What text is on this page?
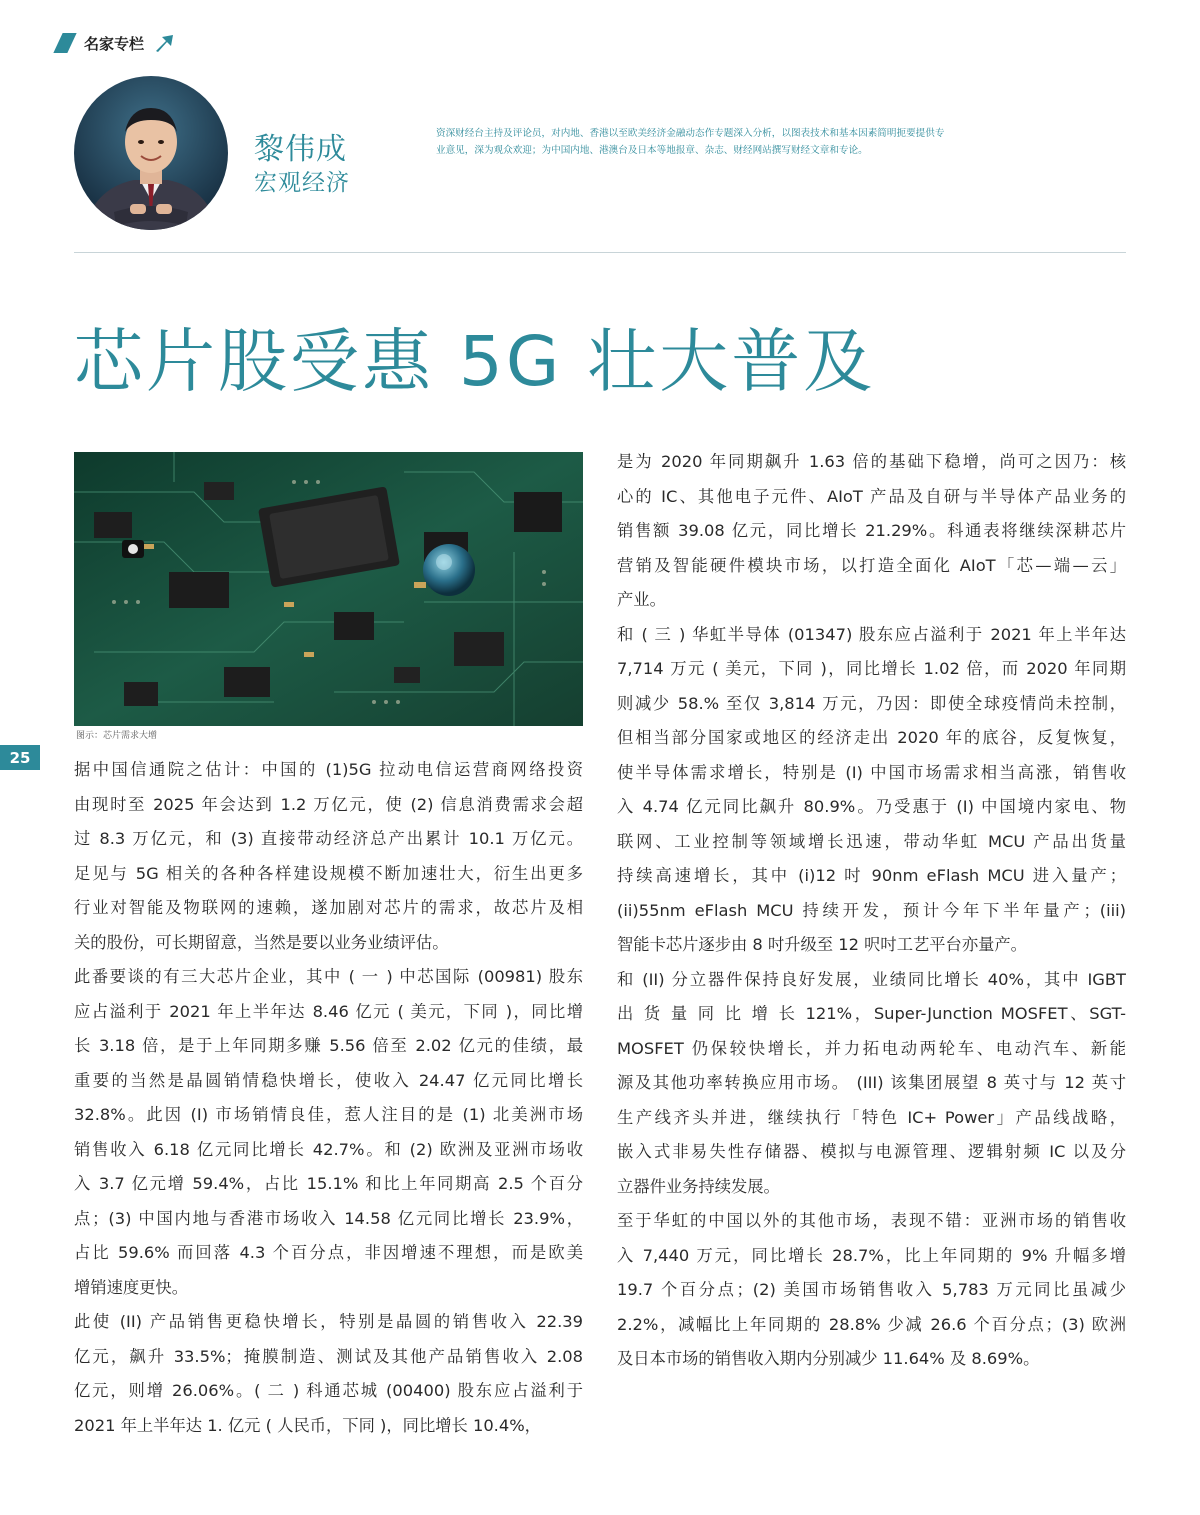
名家专栏
黎伟成
宏观经济
资深财经台主持及评论员，对内地、香港以至欧美经济金融动态作专题深入分析，以图表技术和基本因素简明扼要提供专
业意见，深为观众欢迎；为中国内地、港澳台及日本等地报章、杂志、财经网站撰写财经文章和专论。
芯片股受惠 5G 壮大普及
图示：芯片需求大增
25

据中国信通院之估计：中国的 (1)5G 拉动电信运营商网络投资

由现时至 2025 年会达到 1.2 万亿元，使 (2) 信息消费需求会超

过 8.3 万亿元，和 (3) 直接带动经济总产出累计 10.1 万亿元。

足见与 5G 相关的各种各样建设规模不断加速壮大，衍生出更多

行业对智能及物联网的速赖，遂加剧对芯片的需求，故芯片及相

关的股份，可长期留意，当然是要以业务业绩评估。

此番要谈的有三大芯片企业，其中 ( 一 ) 中芯国际 (00981) 股东

应占溢利于 2021 年上半年达 8.46 亿元 ( 美元，下同 )，同比增

长 3.18 倍，是于上年同期多赚 5.56 倍至 2.02 亿元的佳绩，最

重要的当然是晶圆销情稳快增长，使收入 24.47 亿元同比增长

32.8%。此因 (I) 市场销情良佳，惹人注目的是 (1) 北美洲市场

销售收入 6.18 亿元同比增长 42.7%。和 (2) 欧洲及亚洲市场收

入 3.7 亿元增 59.4%，占比 15.1% 和比上年同期高 2.5 个百分

点；(3) 中国内地与香港市场收入 14.58 亿元同比增长 23.9%，

占比 59.6% 而回落 4.3 个百分点，非因增速不理想，而是欧美

增销速度更快。

此使 (II) 产品销售更稳快增长，特别是晶圆的销售收入 22.39

亿元，飙升 33.5%；掩膜制造、测试及其他产品销售收入 2.08

亿元，则增 26.06%。( 二 ) 科通芯城 (00400) 股东应占溢利于

2021 年上半年达 1. 亿元 ( 人民币，下同 )，同比增长 10.4%，

是为 2020 年同期飙升 1.63 倍的基础下稳增，尚可之因乃：核

心的 IC、其他电子元件、AIoT 产品及自研与半导体产品业务的

销售额 39.08 亿元，同比增长 21.29%。科通表将继续深耕芯片

营销及智能硬件模块市场，以打造全面化 AIoT「芯—端—云」

产业。

和 ( 三 ) 华虹半导体 (01347) 股东应占溢利于 2021 年上半年达

7,714 万元 ( 美元，下同 )，同比增长 1.02 倍，而 2020 年同期

则减少 58.% 至仅 3,814 万元，乃因：即使全球疫情尚未控制，

但相当部分国家或地区的经济走出 2020 年的底谷，反复恢复，

使半导体需求增长，特别是 (I) 中国市场需求相当高涨，销售收

入 4.74 亿元同比飙升 80.9%。乃受惠于 (I) 中国境内家电、物

联网、工业控制等领域增长迅速，带动华虹 MCU 产品出货量

持续高速增长，其中 (i)12 吋 90nm eFlash MCU 进入量产；

(ii)55nm eFlash MCU 持续开发，预计今年下半年量产；(iii)

智能卡芯片逐步由 8 吋升级至 12 呎吋工艺平台亦量产。

和 (II) 分立器件保持良好发展，业绩同比增长 40%，其中 IGBT

出 货 量 同 比 增 长 121%，Super-Junction MOSFET、SGT-

MOSFET 仍保较快增长，并力拓电动两轮车、电动汽车、新能

源及其他功率转换应用市场。 (III) 该集团展望 8 英寸与 12 英寸

生产线齐头并进，继续执行「特色 IC+ Power」产品线战略，

嵌入式非易失性存储器、模拟与电源管理、逻辑射频 IC 以及分

立器件业务持续发展。

至于华虹的中国以外的其他市场，表现不错：亚洲市场的销售收

入 7,440 万元，同比增长 28.7%，比上年同期的 9% 升幅多增

19.7 个百分点；(2) 美国市场销售收入 5,783 万元同比虽减少

2.2%，减幅比上年同期的 28.8% 少减 26.6 个百分点；(3) 欧洲

及日本市场的销售收入期内分别减少 11.64% 及 8.69%。
